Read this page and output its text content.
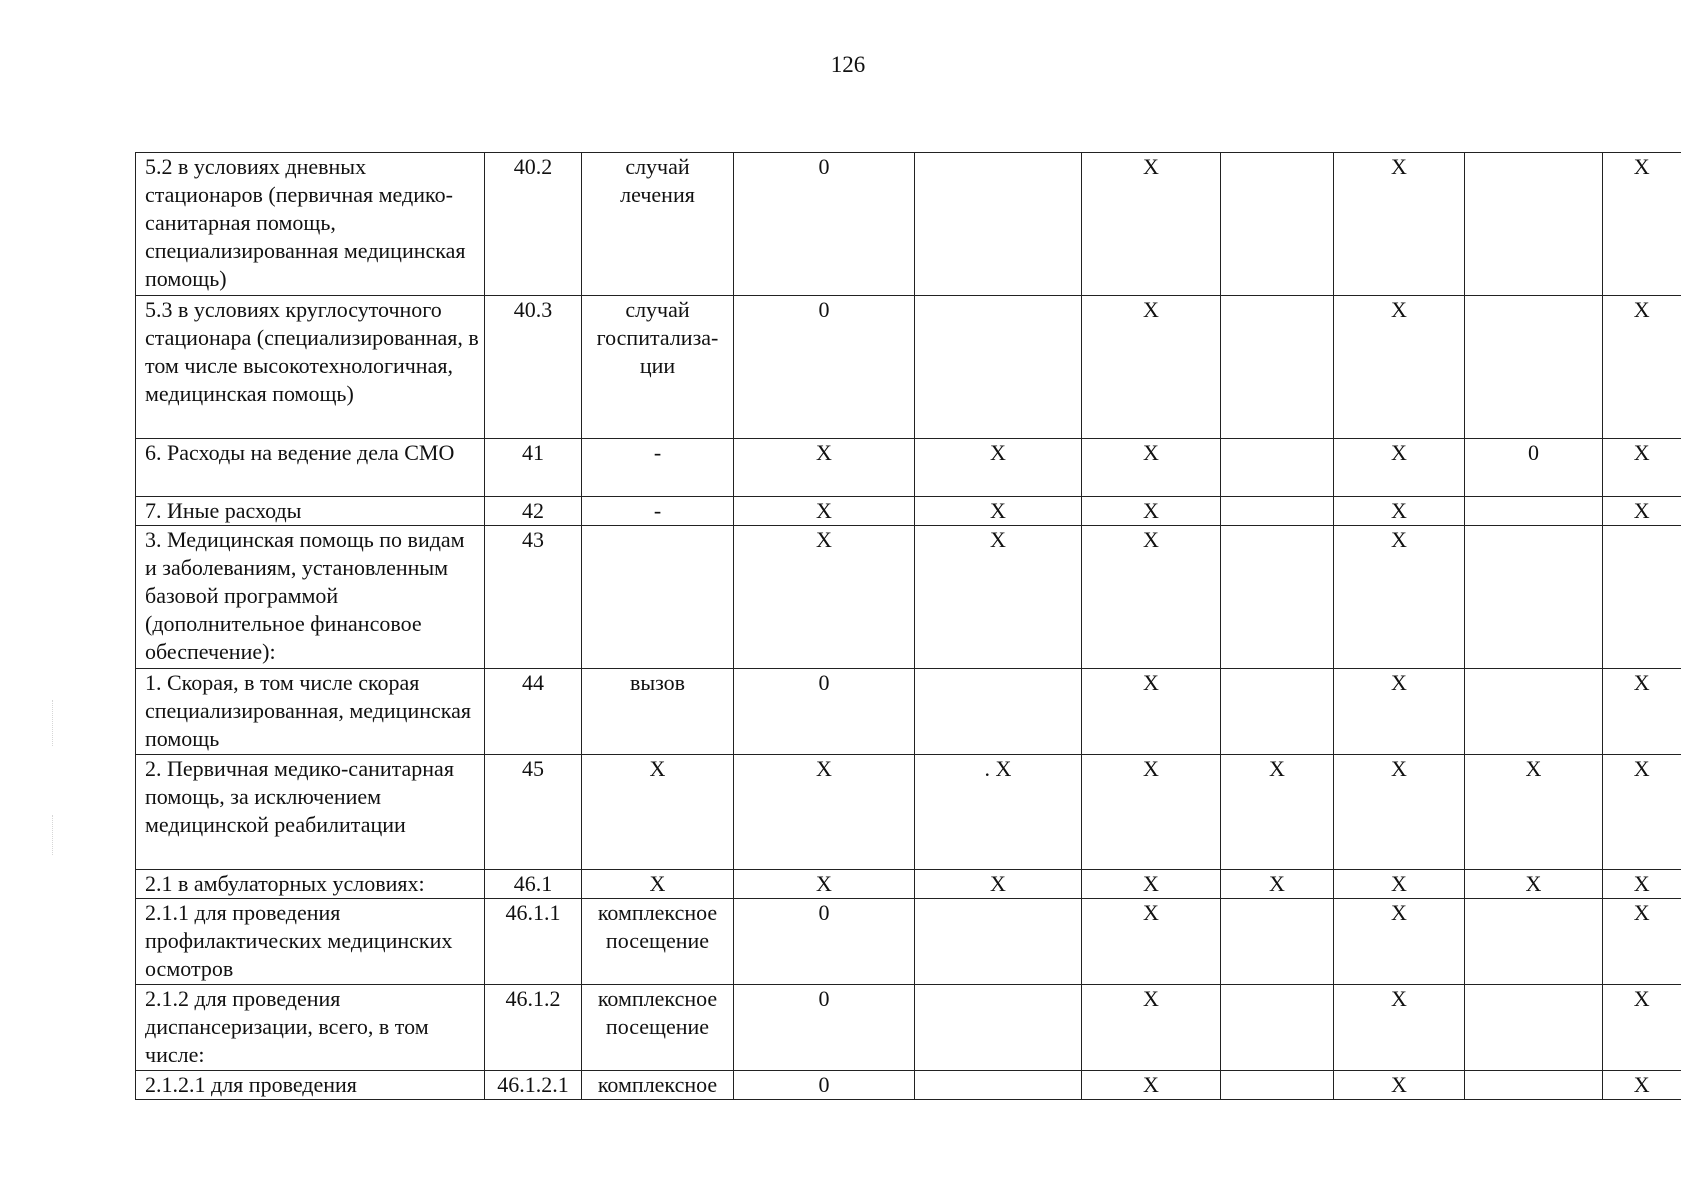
126
5.2 в условиях дневных стационаров (первичная медико-санитарная помощь, специализированная медицинская помощь)	40.2	случай лечения	0		X		X		X
5.3 в условиях круглосуточного стационара (специализированная, в том числе высокотехнологичная, медицинская помощь)	40.3	случай госпитализа-ции	0		X		X		X
6. Расходы на ведение дела СМО	41	-	X	X	X		X	0	X
7. Иные расходы	42	-	X	X	X		X		X
3. Медицинская помощь по видам и заболеваниям, установленным базовой программой (дополнительное финансовое обеспечение):	43		X	X	X		X		
1. Скорая, в том числе скорая специализированная, медицинская помощь	44	вызов	0		X		X		X
2. Первичная медико-санитарная помощь, за исключением медицинской реабилитации	45	X	X	. X	X	X	X	X	X
2.1 в амбулаторных условиях:	46.1	X	X	X	X	X	X	X	X
2.1.1 для проведения профилактических медицинских осмотров	46.1.1	комплексное посещение	0		X		X		X
2.1.2 для проведения диспансеризации, всего, в том числе:	46.1.2	комплексное посещение	0		X		X		X
2.1.2.1 для проведения	46.1.2.1	комплексное	0		X		X		X
